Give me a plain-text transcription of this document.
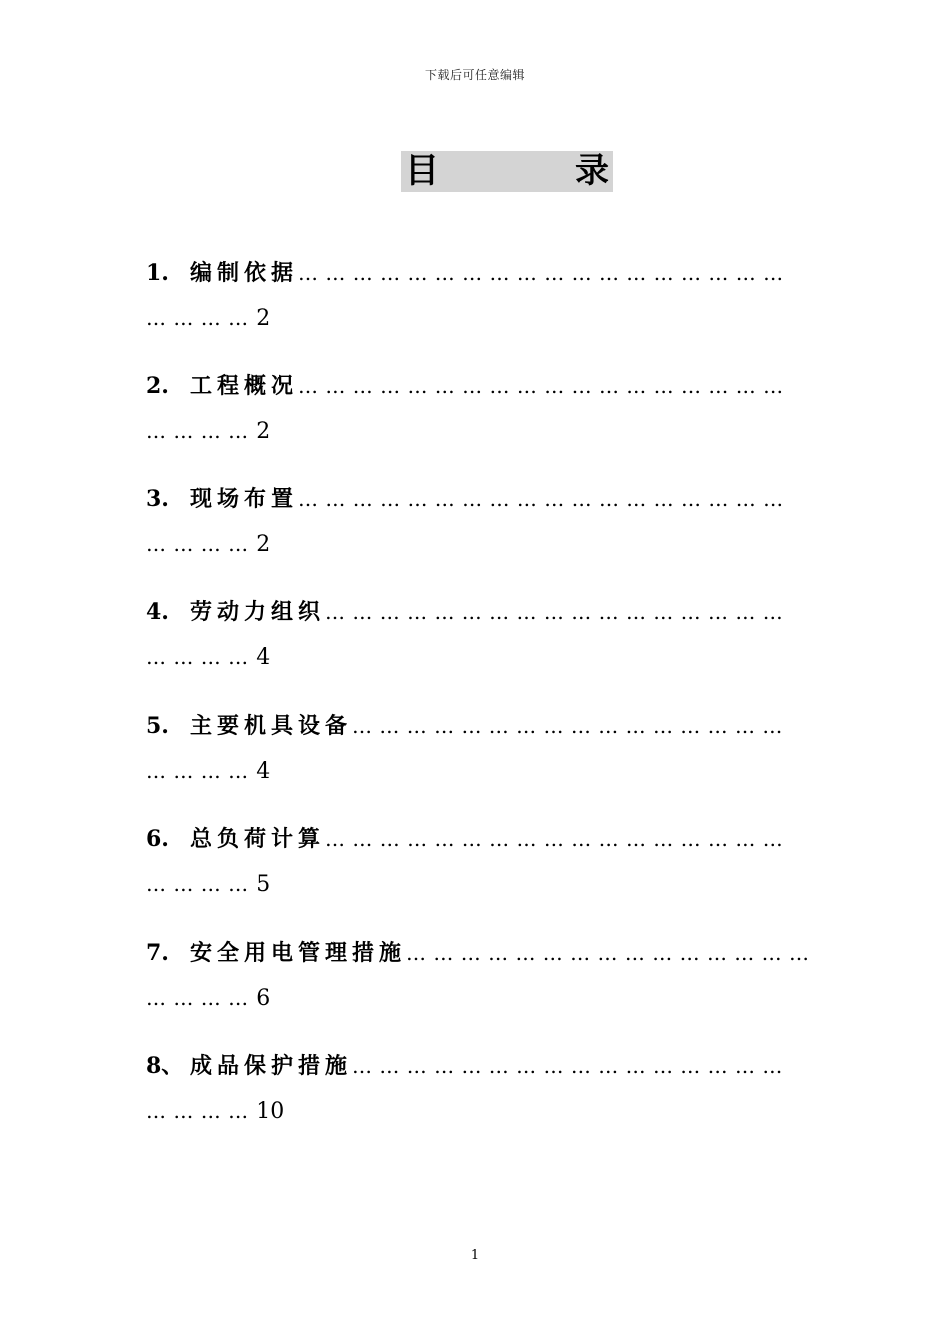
下载后可任意编辑
目	录
1. 编制依据… … … … … … … … … … … … … … … … … …
… … … … 2
2. 工程概况… … … … … … … … … … … … … … … … … …
… … … … 2
3. 现场布置… … … … … … … … … … … … … … … … … …
… … … … 2
4. 劳动力组织… … … … … … … … … … … … … … … … …
… … … … 4
5. 主要机具设备… … … … … … … … … … … … … … … …
… … … … 4
6. 总负荷计算… … … … … … … … … … … … … … … … …
… … … … 5
7. 安全用电管理措施… … … … … … … … … … … … … … …
… … … … 6
8、 成品保护措施… … … … … … … … … … … … … … … …
… … … … 10
1
